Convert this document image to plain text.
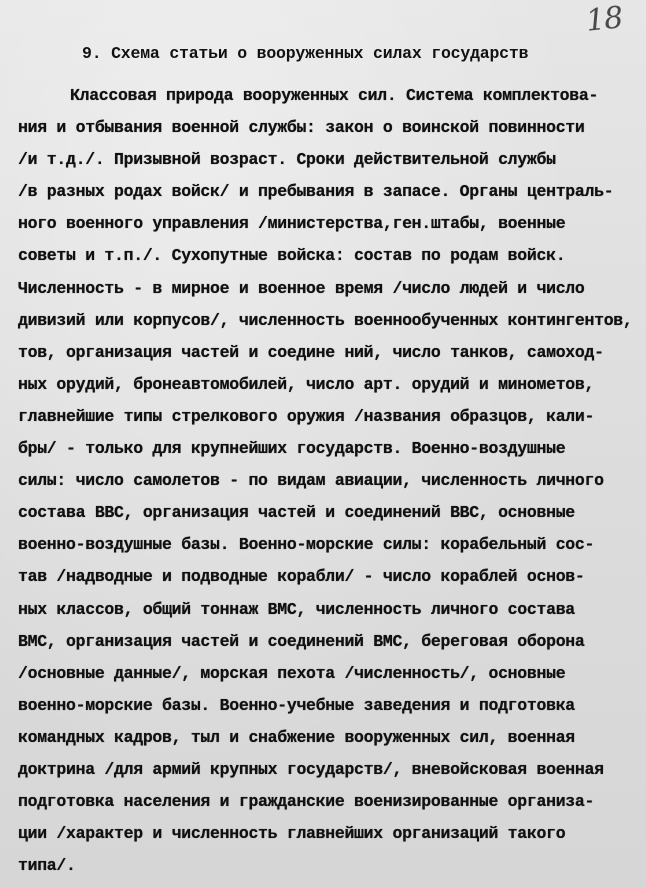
18
9. Схема статьи о вооруженных силах государств
Классовая природа вооруженных сил. Система комплектова-
ния и отбывания военной службы: закон о воинской повинности
/и т.д./. Призывной возраст. Сроки действительной службы
/в разных родах войск/ и пребывания в запасе. Органы централь-
ного военного управления /министерства,ген.штабы, военные
советы и т.п./. Сухопутные войска: состав по родам войск.
Численность - в мирное и военное время /число людей и число
дивизий или корпусов/, численность военнообученных контингентов,
тов, организация частей и соедине ний, число танков, самоход-
ных орудий, бронеавтомобилей, число арт. орудий и минометов,
главнейшие типы стрелкового оружия /названия образцов, кали-
бры/ - только для крупнейших государств. Военно-воздушные
силы: число самолетов - по видам авиации, численность личного
состава ВВС, организация частей и соединений ВВС, основные
военно-воздушные базы. Военно-морские силы: корабельный сос-
тав /надводные и подводные корабли/ - число кораблей основ-
ных классов, общий тоннаж ВМС, численность личного состава
ВМС, организация частей и соединений ВМС, береговая оборона
/основные данные/, морская пехота /численность/, основные
военно-морские базы. Военно-учебные заведения и подготовка
командных кадров, тыл и снабжение вооруженных сил, военная
доктрина /для армий крупных государств/, вневойсковая военная
подготовка населения и гражданские военизированные организа-
ции /характер и численность главнейших организаций такого
типа/.
